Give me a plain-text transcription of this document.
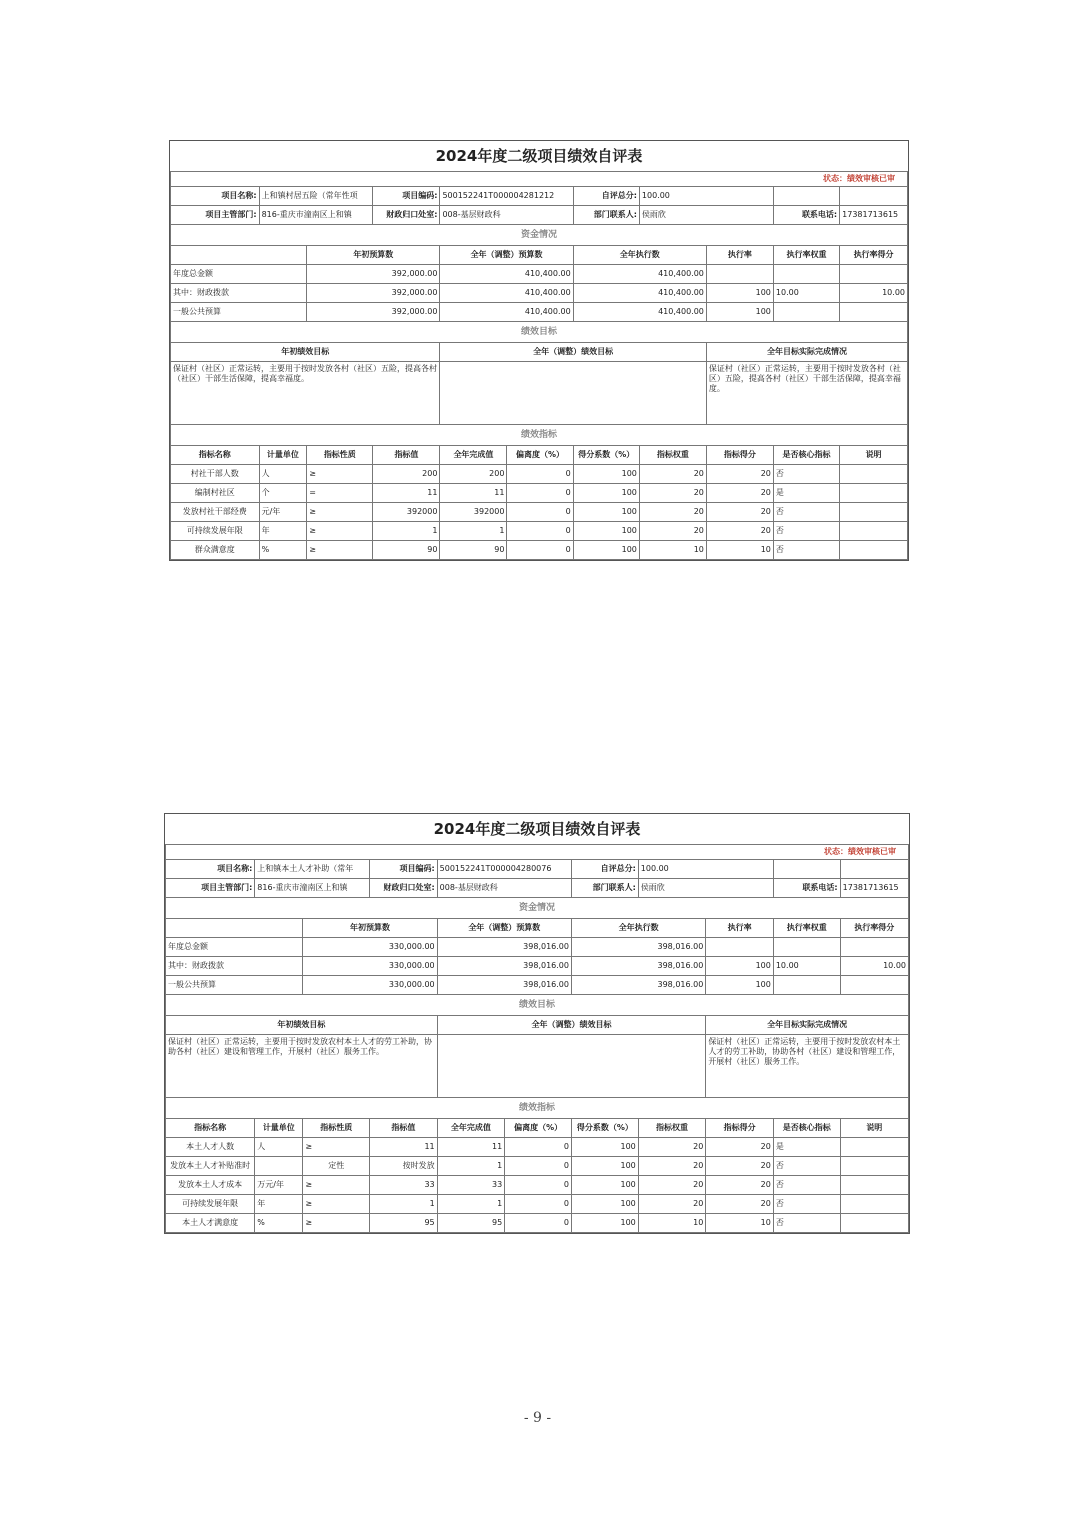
2024年度二级项目绩效自评表										
状态：绩效审核已审										
项目名称:	上和镇村居五险（常年性项		项目编码:	500152241T000004281212		自评总分:	100.00			
项目主管部门:	816-重庆市潼南区上和镇		财政归口处室:	008-基层财政科		部门联系人:	侯雨欣		联系电话:	17381713615
资金情况										
		年初预算数		全年（调整）预算数		全年执行数		执行率	执行率权重	执行率得分
年度总金额		392,000.00		410,400.00		410,400.00				
其中：财政拨款		392,000.00		410,400.00		410,400.00		100	10.00	10.00
一般公共预算		392,000.00		410,400.00		410,400.00		100		
绩效目标										
年初绩效目标				全年（调整）绩效目标				全年目标实际完成情况		
保证村（社区）正常运转，主要用于按时发放各村（社区）五险，提高各村（社区）干部生活保障，提高幸福度。								保证村（社区）正常运转，主要用于按时发放各村（社区）五险，提高各村（社区）干部生活保障，提高幸福度。		
绩效指标										
指标名称	计量单位	指标性质	指标值	全年完成值	偏离度（%）	得分系数（%）	指标权重	指标得分	是否核心指标	说明
村社干部人数	人	≥	200	200	0	100	20	20	否	
编制村社区	个	=	11	11	0	100	20	20	是	
发放村社干部经费	元/年	≥	392000	392000	0	100	20	20	否	
可持续发展年限	年	≥	1	1	0	100	20	20	否	
群众满意度	%	≥	90	90	0	100	10	10	否	
2024年度二级项目绩效自评表										
状态：绩效审核已审										
项目名称:	上和镇本土人才补助（常年		项目编码:	500152241T000004280076		自评总分:	100.00			
项目主管部门:	816-重庆市潼南区上和镇		财政归口处室:	008-基层财政科		部门联系人:	侯雨欣		联系电话:	17381713615
资金情况										
		年初预算数		全年（调整）预算数		全年执行数		执行率	执行率权重	执行率得分
年度总金额		330,000.00		398,016.00		398,016.00				
其中：财政拨款		330,000.00		398,016.00		398,016.00		100	10.00	10.00
一般公共预算		330,000.00		398,016.00		398,016.00		100		
绩效目标										
年初绩效目标				全年（调整）绩效目标				全年目标实际完成情况		
保证村（社区）正常运转，主要用于按时发放农村本土人才的劳工补助，协助各村（社区）建设和管理工作，开展村（社区）服务工作。								保证村（社区）正常运转，主要用于按时发放农村本土人才的劳工补助，协助各村（社区）建设和管理工作，开展村（社区）服务工作。		
绩效指标										
指标名称	计量单位	指标性质	指标值	全年完成值	偏离度（%）	得分系数（%）	指标权重	指标得分	是否核心指标	说明
本土人才人数	人	≥	11	11	0	100	20	20	是	
发放本土人才补贴准时		定性	按时发放	1	0	100	20	20	否	
发放本土人才成本	万元/年	≥	33	33	0	100	20	20	否	
可持续发展年限	年	≥	1	1	0	100	20	20	否	
本土人才满意度	%	≥	95	95	0	100	10	10	否	
- 9 -
